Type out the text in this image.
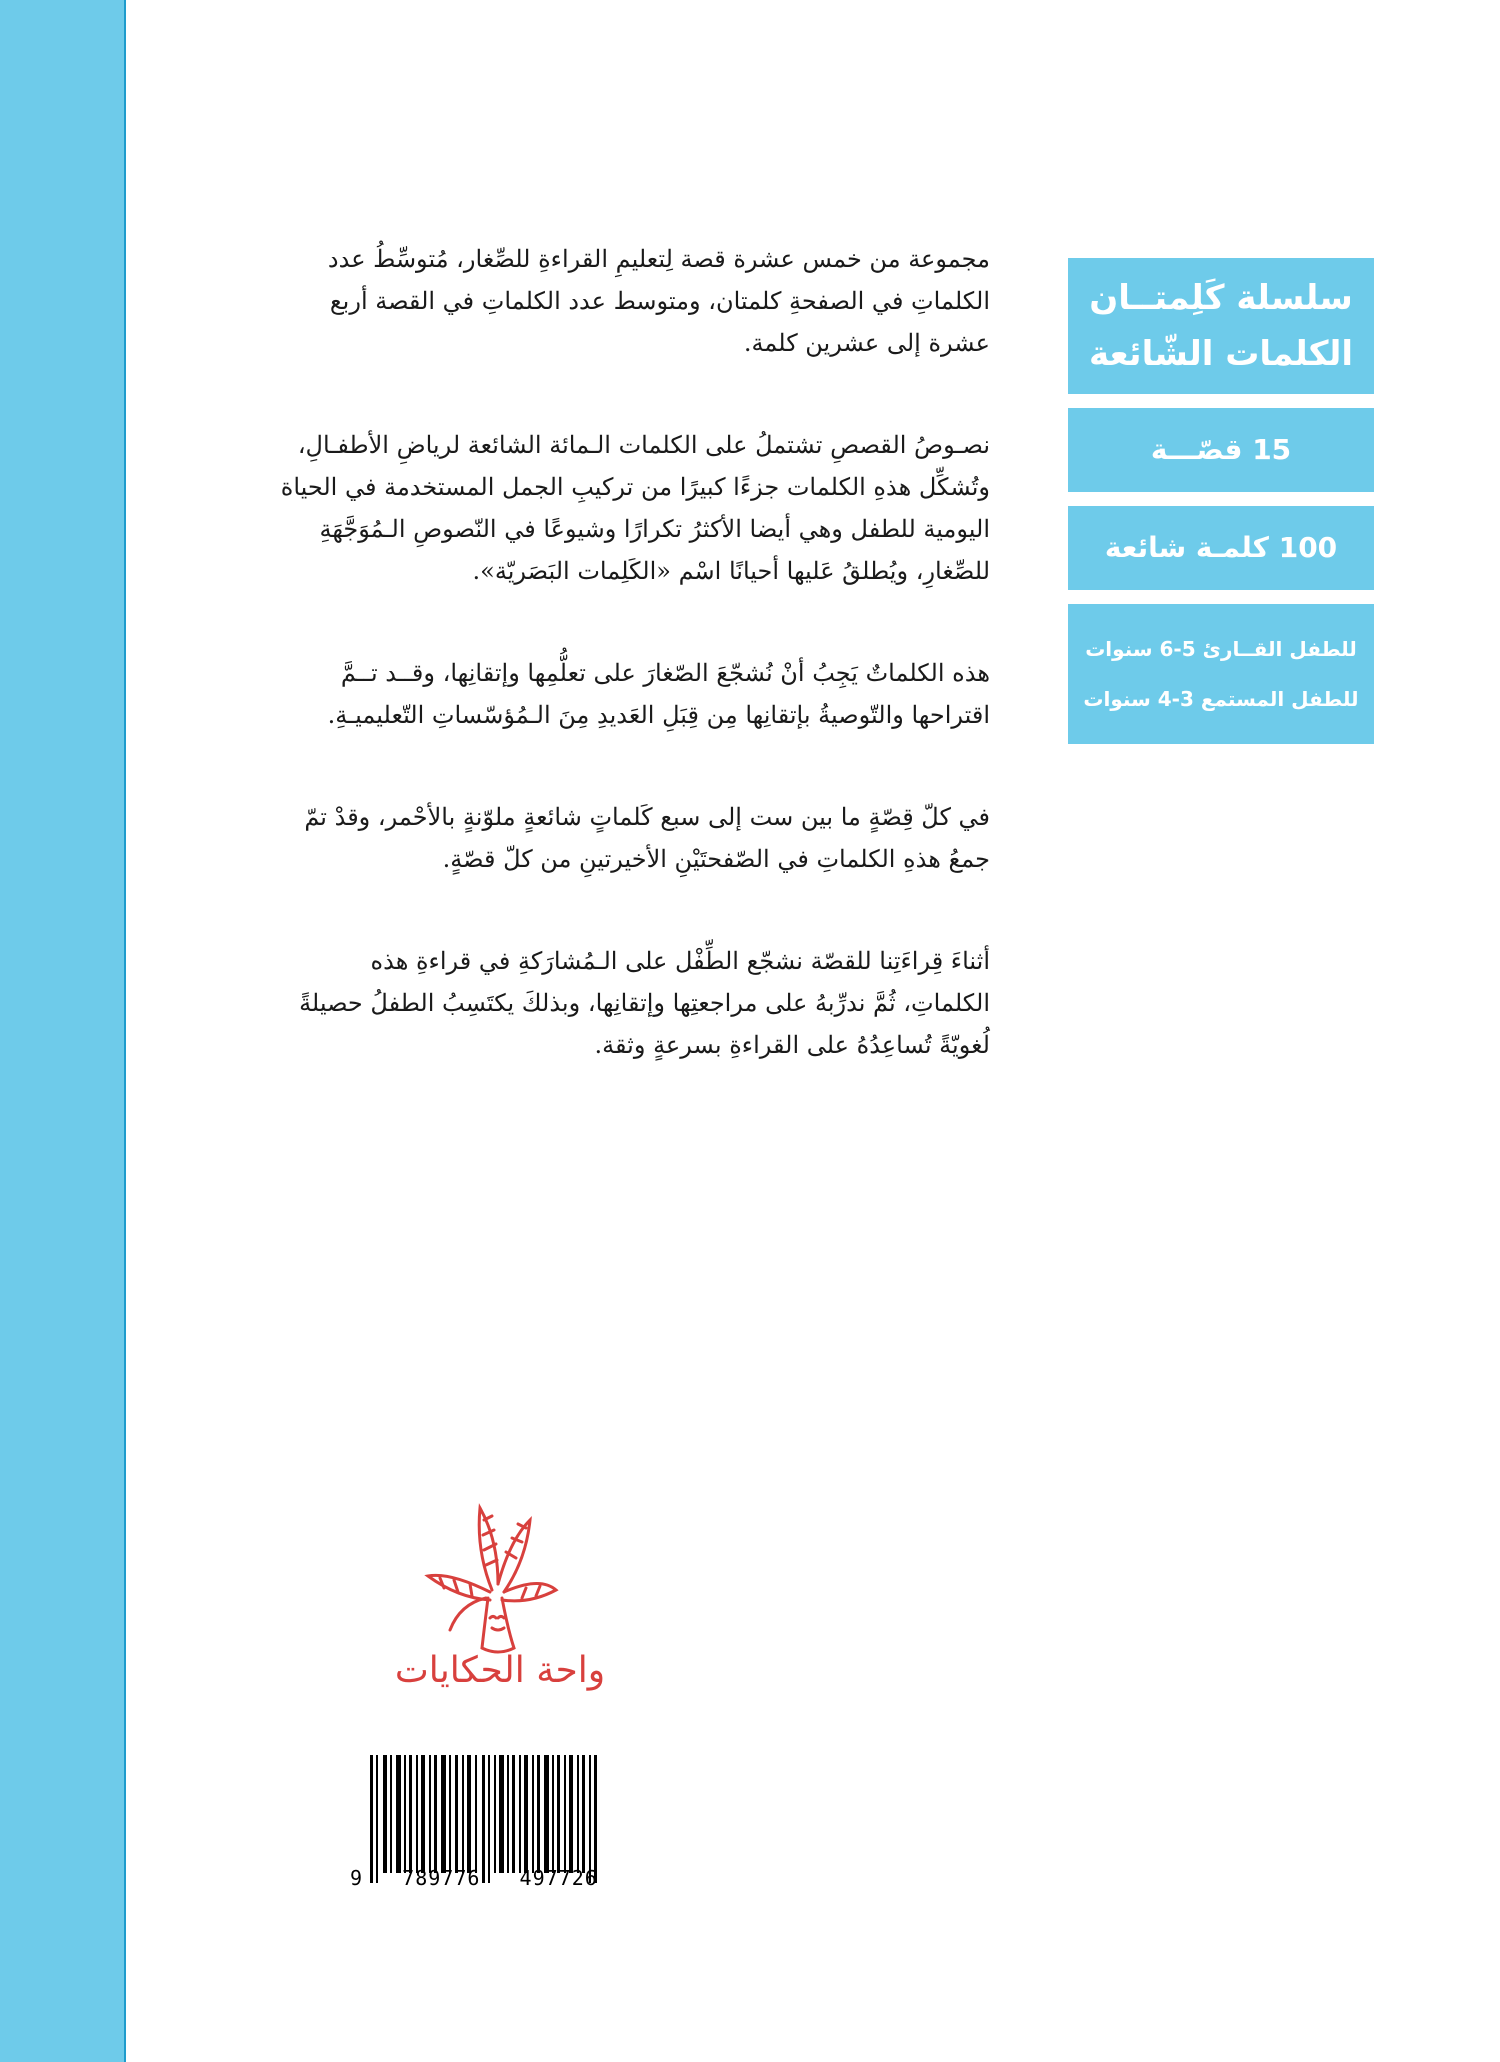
مجموعة من خمس عشرة قصة لِتعليمِ القراءةِ للصِّغار، مُتوسِّطُ عدد الكلماتِ في الصفحةِ كلمتان، ومتوسط عدد الكلماتِ في القصة أربع عشرة إلى عشرين كلمة.

نصـوصُ القصصِ تشتملُ على الكلمات الـمائة الشائعة لرياضِ الأطفـالِ، وتُشكِّل هذهِ الكلمات جزءًا كبيرًا من تركيبِ الجمل المستخدمة في الحياة اليومية للطفل وهي أيضا الأكثرُ تكرارًا وشيوعًا في النّصوصِ الـمُوَجَّهَةِ للصِّغارِ، ويُطلقُ عَليها أحيانًا اسْم «الكَلِمات البَصَريّة».

هذه الكلماتٌ يَجِبُ أنْ نُشجّعَ الصّغارَ على تعلُّمِها وإتقانِها، وقــد تــمَّ اقتراحها والتّوصيةُ بإتقانِها مِن قِبَلِ العَديدِ مِنَ الـمُؤسّساتِ التّعليميـةِ.

في كلّ قِصّةٍ ما بين ست إلى سبع كَلماتٍ شائعةٍ ملوّنةٍ بالأحْمر، وقدْ تمّ جمعُ هذهِ الكلماتِ في الصّفحتَيْنِ الأخيرتينِ من كلّ قصّةٍ.

أثناءَ قِراءَتِنا للقصّة نشجّع الطِّفْل على الـمُشارَكةِ في قراءةِ هذه الكلماتِ، ثُمَّ ندرِّبهُ على مراجعتِها وإتقانِها، وبذلكَ يكتَسِبُ الطفلُ حصيلةً لُغويّةً تُساعِدُهُ على القراءةِ بسرعةٍ وثقة.

سلسلة كَلِمتــان
الكلمات الشّائعة
15 قصّـــة
100 كلمـة شائعة
للطفل القــارئ 5-6 سنوات
للطفل المستمع 3-4 سنوات
واحة الحكايات
9   789776   497726
